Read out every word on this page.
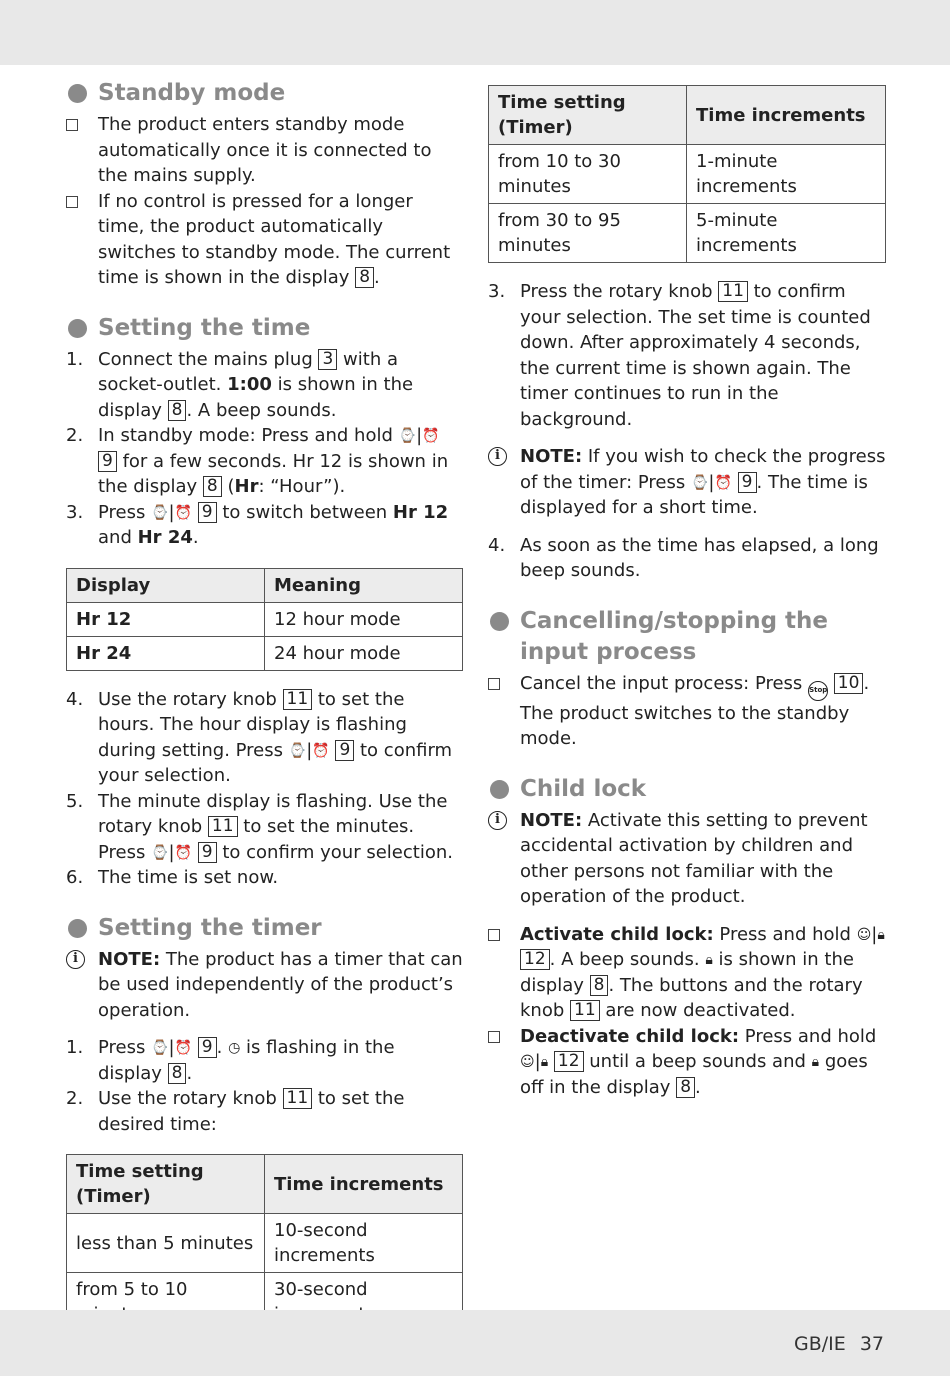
Standby mode
The product enters standby mode automatically once it is connected to the mains supply.
If no control is pressed for a longer time, the product automatically switches to standby mode. The current time is shown in the display 8 .
Setting the time
1. Connect the mains plug 3 with a socket-outlet. 1:00 is shown in the display 8 . A beep sounds.
2. In standby mode: Press and hold ⌚|⏰ 9 for a few seconds. Hr 12 is shown in the display 8 (Hr: “Hour”).
3. Press ⌚|⏰ 9 to switch between Hr 12 and Hr 24.
Display	Meaning
Hr 12	12 hour mode
Hr 24	24 hour mode
4. Use the rotary knob 11 to set the hours. The hour display is flashing during setting. Press ⌚|⏰ 9 to confirm your selection.
5. The minute display is flashing. Use the rotary knob 11 to set the minutes. Press ⌚|⏰ 9 to confirm your selection.
6. The time is set now.
Setting the timer
i	NOTE: The product has a timer that can be used independently of the product’s operation.
1. Press ⌚|⏰ 9 . ◷ is flashing in the display 8 .
2. Use the rotary knob 11 to set the desired time:
Time setting (Timer)	Time increments
less than 5 minutes	10-second increments
from 5 to 10	30-second
Time setting (Timer)	Time increments
from 10 to 30 minutes	1-minute increments
from 30 to 95 minutes	5-minute increments
3. Press the rotary knob 11 to confirm your selection. The set time is counted down. After approximately 4 seconds, the current time is shown again. The timer continues to run in the background.
i	NOTE: If you wish to check the progress of the timer: Press ⌚|⏰ 9 . The time is displayed for a short time.
4. As soon as the time has elapsed, a long beep sounds.
Cancelling/stopping the input process
Cancel the input process: Press Stop 10 . The product switches to the standby mode.
Child lock
i	NOTE: Activate this setting to prevent accidental activation by children and other persons not familiar with the operation of the product.
Activate child lock: Press and hold ☺|🔒︎ 12 . A beep sounds. 🔒︎ is shown in the display 8 . The buttons and the rotary knob 11 are now deactivated.
Deactivate child lock: Press and hold ☺|🔒︎ 12 until a beep sounds and 🔒︎ goes off in the display 8 .
GB/IE 37
